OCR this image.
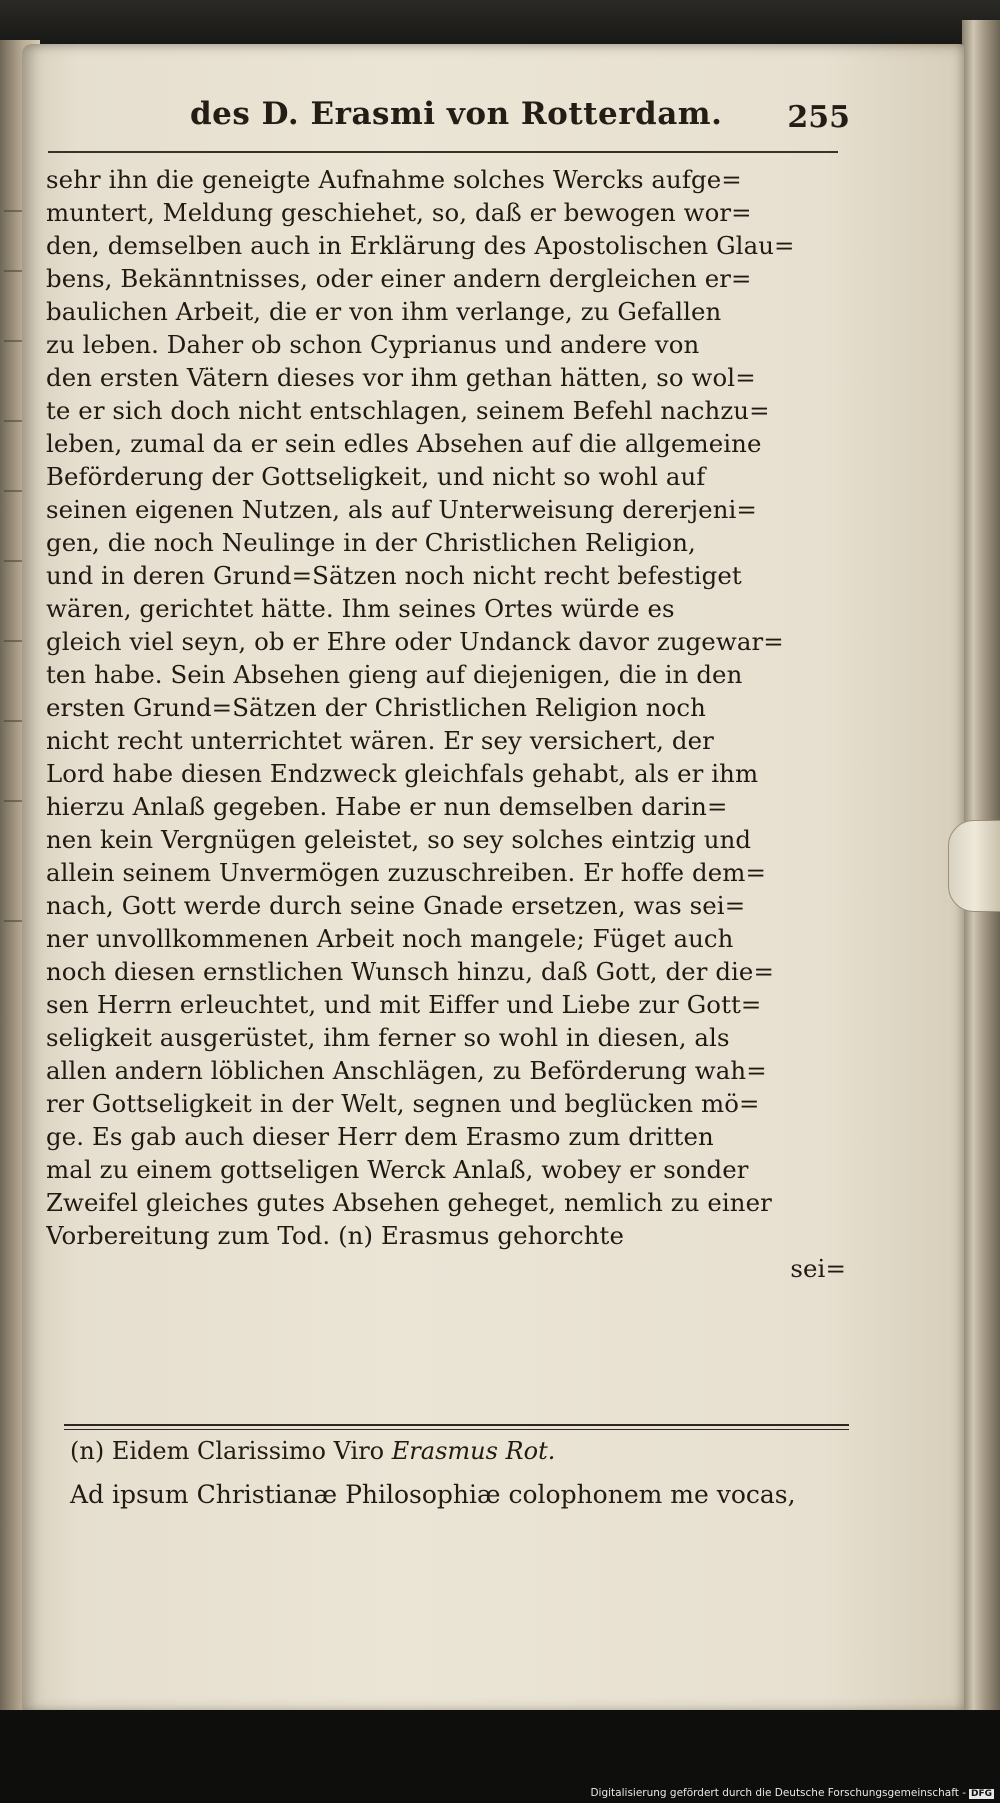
des D. Erasmi von Rotterdam. 255
sehr ihn die geneigte Aufnahme solches Wercks aufge=
muntert, Meldung geschiehet, so, daß er bewogen wor=
den, demselben auch in Erklärung des Apostolischen Glau=
bens, Bekänntnisses, oder einer andern dergleichen er=
baulichen Arbeit, die er von ihm verlange, zu Gefallen
zu leben. Daher ob schon Cyprianus und andere von
den ersten Vätern dieses vor ihm gethan hätten, so wol=
te er sich doch nicht entschlagen, seinem Befehl nachzu=
leben, zumal da er sein edles Absehen auf die allgemeine
Beförderung der Gottseligkeit, und nicht so wohl auf
seinen eigenen Nutzen, als auf Unterweisung dererjeni=
gen, die noch Neulinge in der Christlichen Religion,
und in deren Grund=Sätzen noch nicht recht befestiget
wären, gerichtet hätte. Ihm seines Ortes würde es
gleich viel seyn, ob er Ehre oder Undanck davor zugewar=
ten habe. Sein Absehen gieng auf diejenigen, die in den
ersten Grund=Sätzen der Christlichen Religion noch
nicht recht unterrichtet wären. Er sey versichert, der
Lord habe diesen Endzweck gleichfals gehabt, als er ihm
hierzu Anlaß gegeben. Habe er nun demselben darin=
nen kein Vergnügen geleistet, so sey solches eintzig und
allein seinem Unvermögen zuzuschreiben. Er hoffe dem=
nach, Gott werde durch seine Gnade ersetzen, was sei=
ner unvollkommenen Arbeit noch mangele; Füget auch
noch diesen ernstlichen Wunsch hinzu, daß Gott, der die=
sen Herrn erleuchtet, und mit Eiffer und Liebe zur Gott=
seligkeit ausgerüstet, ihm ferner so wohl in diesen, als
allen andern löblichen Anschlägen, zu Beförderung wah=
rer Gottseligkeit in der Welt, segnen und beglücken mö=
ge. Es gab auch dieser Herr dem Erasmo zum dritten
mal zu einem gottseligen Werck Anlaß, wobey er sonder
Zweifel gleiches gutes Absehen geheget, nemlich zu einer
Vorbereitung zum Tod. (n) Erasmus gehorchte
sei=
(n) Eidem Clarissimo Viro Erasmus Rot.
Ad ipsum Christianæ Philosophiæ colophonem me vocas,
Digitalisierung gefördert durch die Deutsche Forschungsgemeinschaft - DFG
